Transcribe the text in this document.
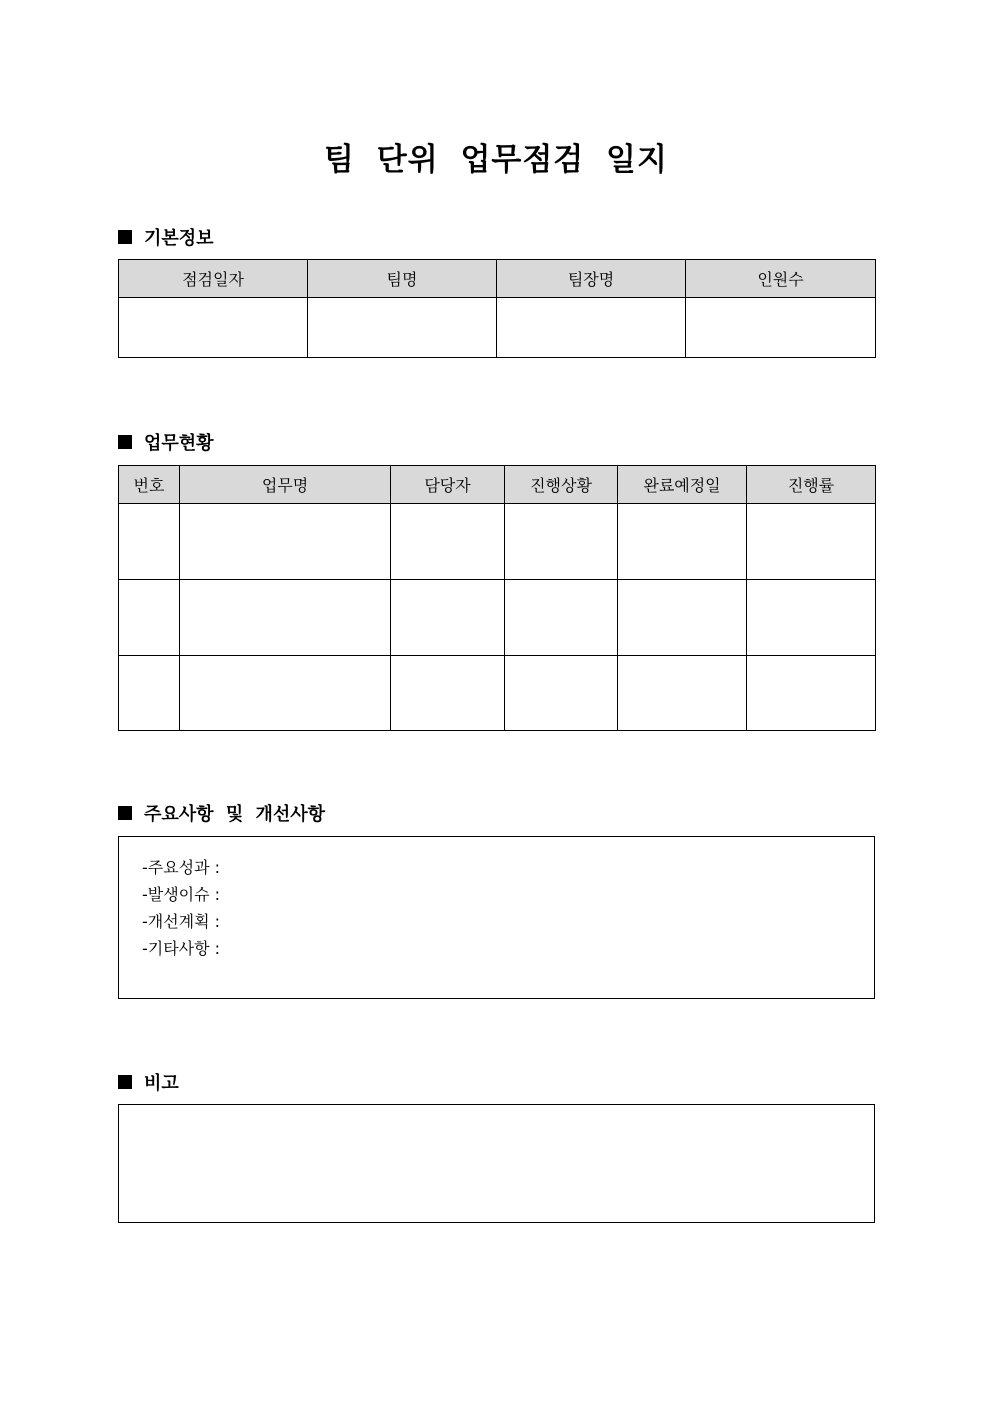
팀 단위 업무점검 일지
기본정보
점검일자	팀명	팀장명	인원수

업무현황
번호	업무명	담당자	진행상황	완료예정일	진행률

주요사항 및 개선사항
-주요성과 :
-발생이슈 :
-개선계획 :
-기타사항 :
비고
